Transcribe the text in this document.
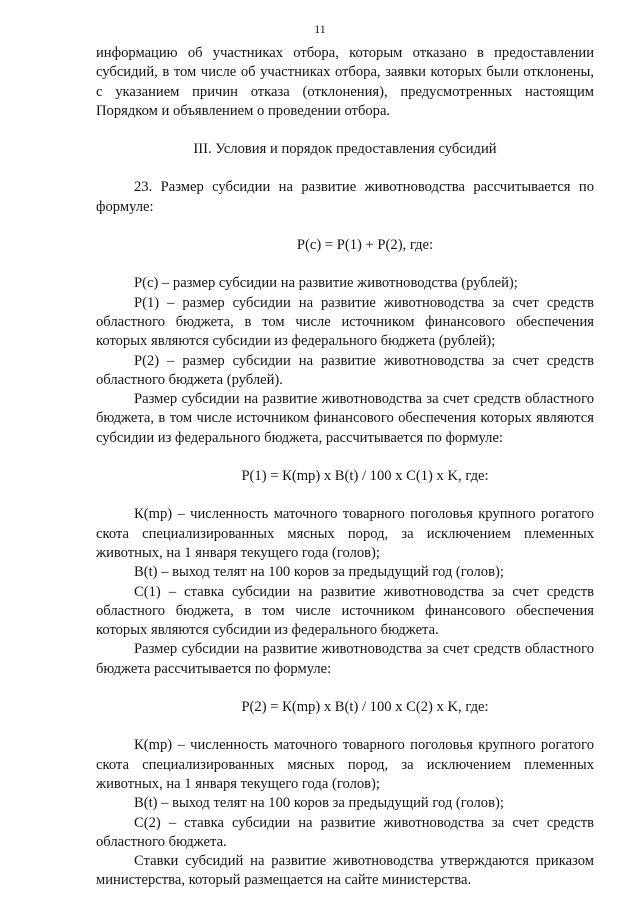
11

информацию об участниках отбора, которым отказано в предоставлении субсидий, в том числе об участниках отбора, заявки которых были отклонены, с указанием причин отказа (отклонения), предусмотренных настоящим Порядком и объявлением о проведении отбора.

III. Условия и порядок предоставления субсидий

23. Размер субсидии на развитие животноводства рассчитывается по формуле:

Р(с) = Р(1) + Р(2), где:

Р(с) – размер субсидии на развитие животноводства (рублей);

Р(1) – размер субсидии на развитие животноводства за счет средств областного бюджета, в том числе источником финансового обеспечения которых являются субсидии из федерального бюджета (рублей);

Р(2) – размер субсидии на развитие животноводства за счет средств областного бюджета (рублей).

Размер субсидии на развитие животноводства за счет средств областного бюджета, в том числе источником финансового обеспечения которых являются субсидии из федерального бюджета, рассчитывается по формуле:

Р(1) = К(mp) x В(t) / 100 x С(1) x K, где:

К(mp) – численность маточного товарного поголовья крупного рогатого скота специализированных мясных пород, за исключением племенных животных, на 1 января текущего года (голов);

В(t) – выход телят на 100 коров за предыдущий год (голов);

С(1) – ставка субсидии на развитие животноводства за счет средств областного бюджета, в том числе источником финансового обеспечения которых являются субсидии из федерального бюджета.

Размер субсидии на развитие животноводства за счет средств областного бюджета рассчитывается по формуле:

Р(2) = К(mp) x В(t) / 100 x С(2) x K, где:

К(mp) – численность маточного товарного поголовья крупного рогатого скота специализированных мясных пород, за исключением племенных животных, на 1 января текущего года (голов);

В(t) – выход телят на 100 коров за предыдущий год (голов);

С(2) – ставка субсидии на развитие животноводства за счет средств областного бюджета.

Ставки субсидий на развитие животноводства утверждаются приказом министерства, который размещается на сайте министерства.
